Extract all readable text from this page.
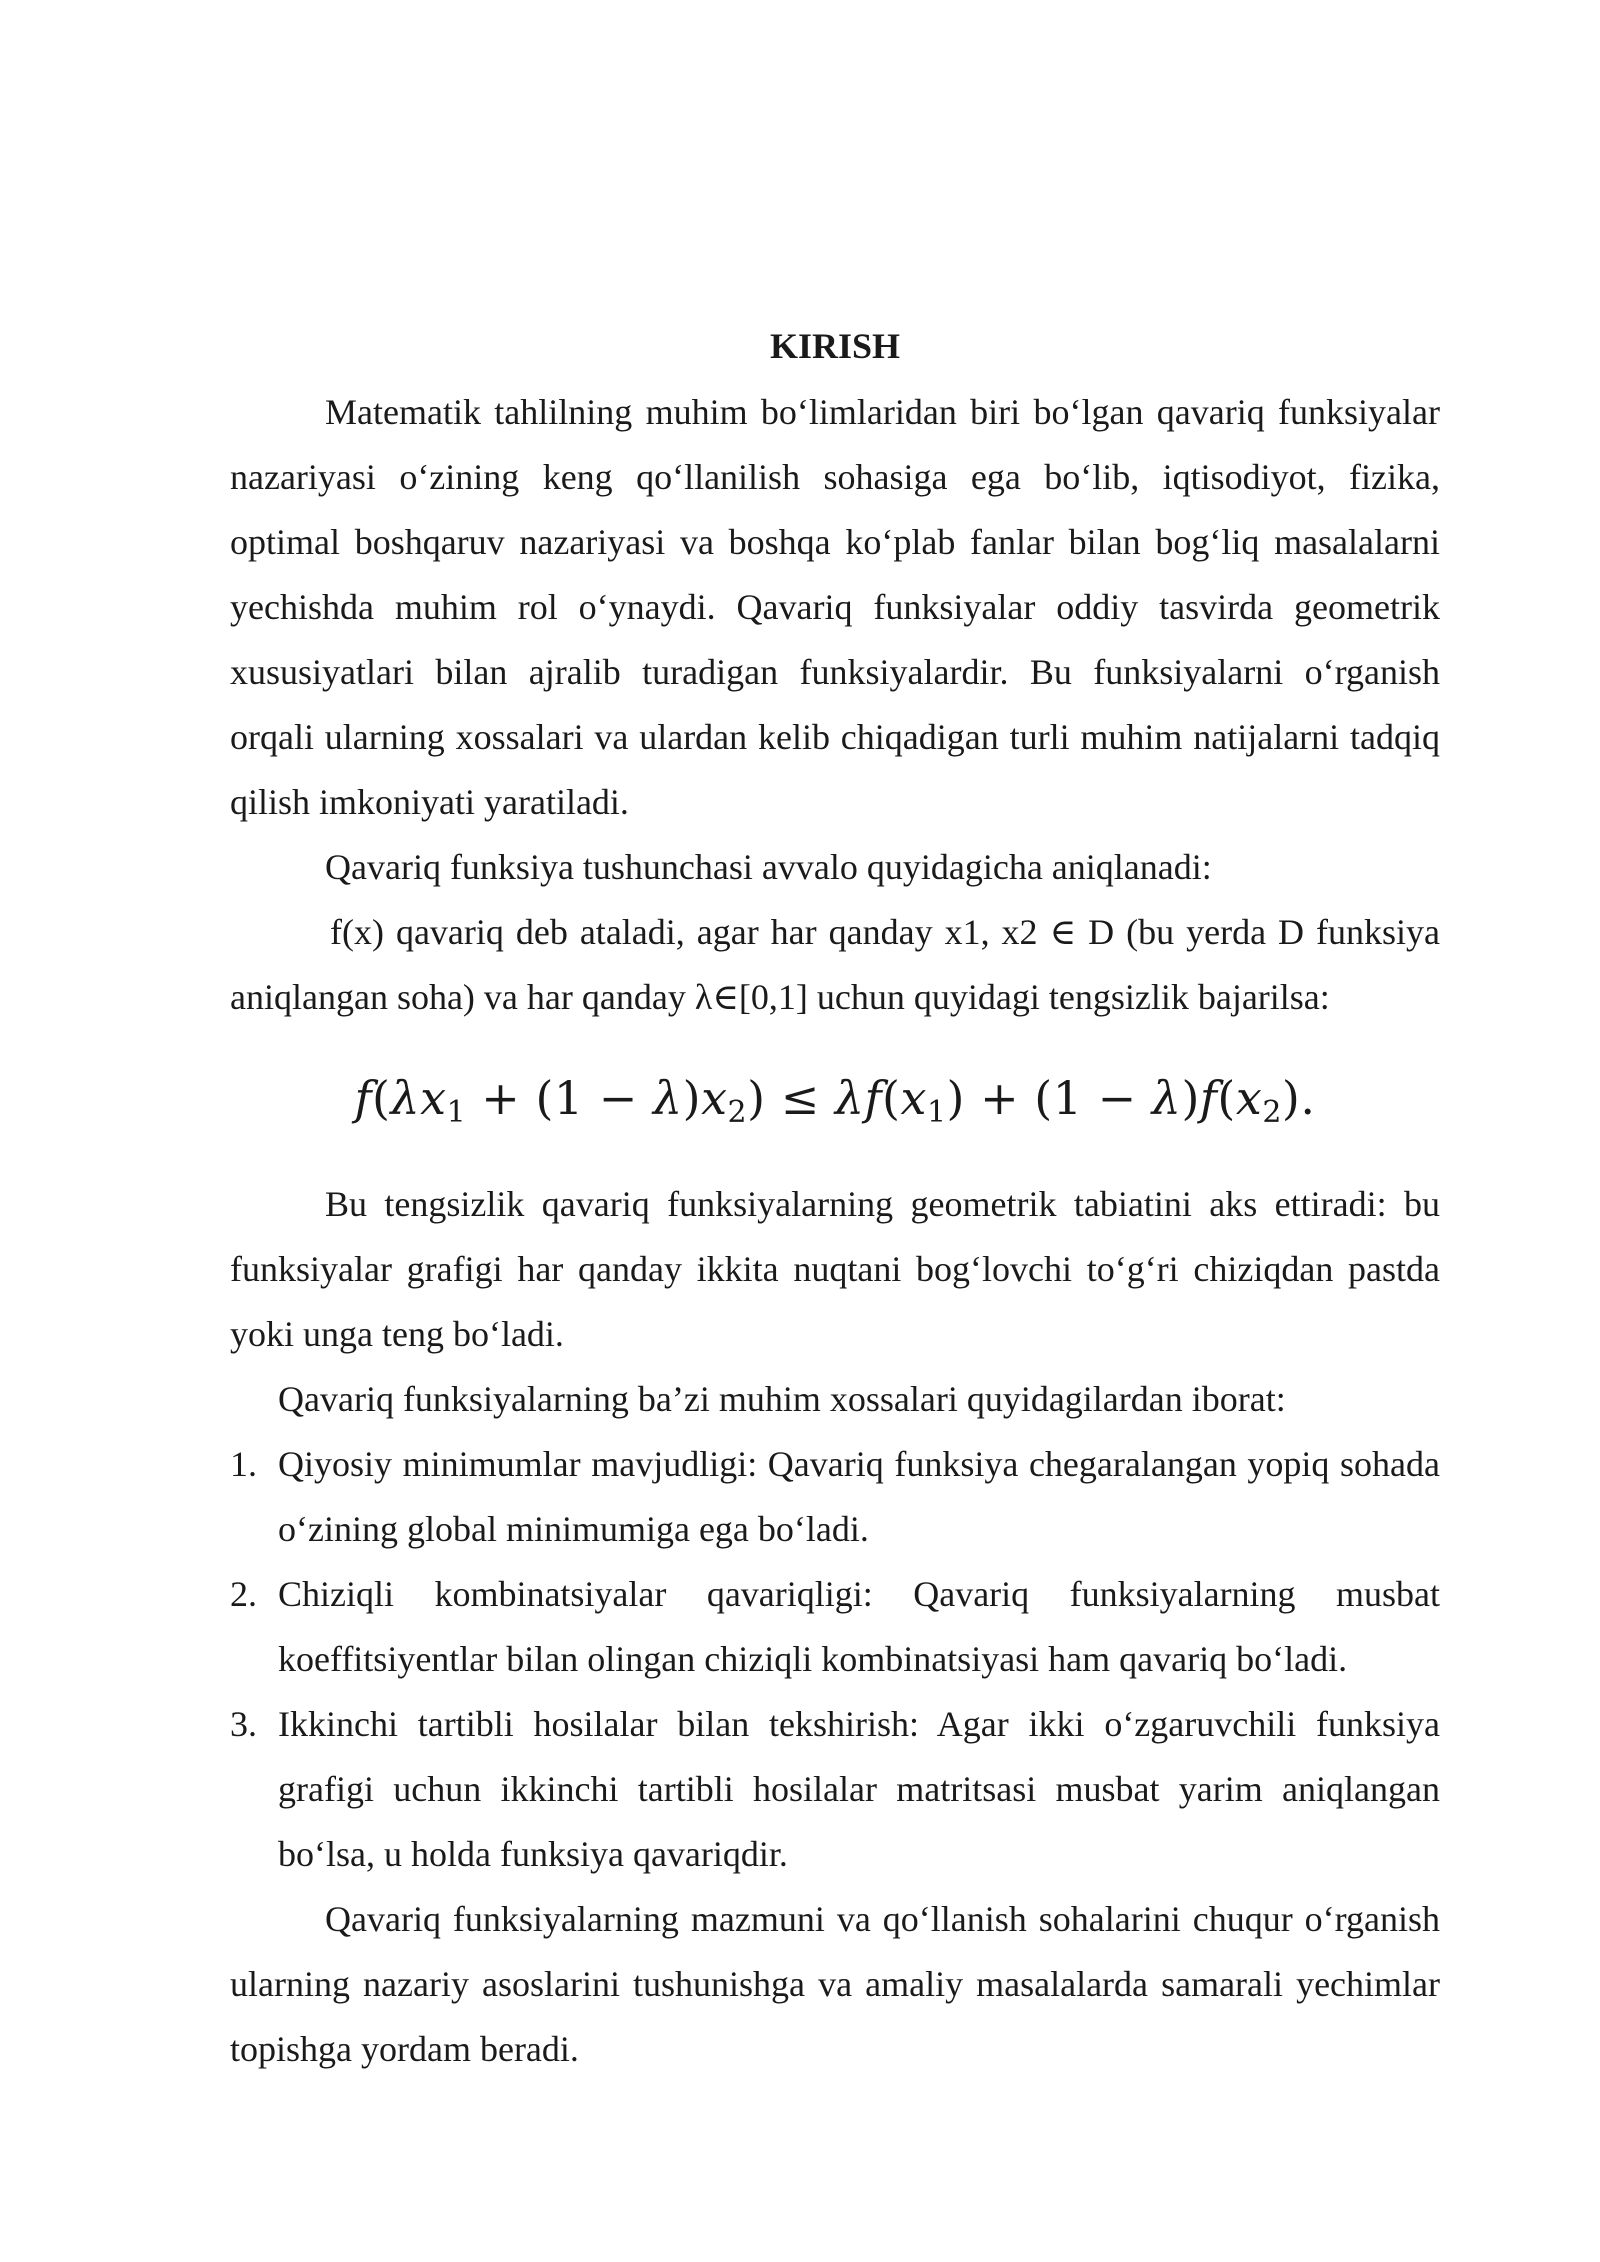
KIRISH

Matematik tahlilning muhim bo‘limlaridan biri bo‘lgan qavariq funksiyalar nazariyasi o‘zining keng qo‘llanilish sohasiga ega bo‘lib, iqtisodiyot, fizika, optimal boshqaruv nazariyasi va boshqa ko‘plab fanlar bilan bog‘liq masalalarni yechishda muhim rol o‘ynaydi. Qavariq funksiyalar oddiy tasvirda geometrik xususiyatlari bilan ajralib turadigan funksiyalardir. Bu funksiyalarni o‘rganish orqali ularning xossalari va ulardan kelib chiqadigan turli muhim natijalarni tadqiq qilish imkoniyati yaratiladi.

Qavariq funksiya tushunchasi avvalo quyidagicha aniqlanadi:

f(x) qavariq deb ataladi, agar har qanday x1, x2 ∈ D (bu yerda D funksiya aniqlangan soha) va har qanday λ∈[0,1] uchun quyidagi tengsizlik bajarilsa:

$f(\lambda x_1 + (1 - \lambda)x_2) \le \lambda f(x_1) + (1 - \lambda)f(x_2)$.

Bu tengsizlik qavariq funksiyalarning geometrik tabiatini aks ettiradi: bu funksiyalar grafigi har qanday ikkita nuqtani bog‘lovchi to‘g‘ri chiziqdan pastda yoki unga teng bo‘ladi.

Qavariq funksiyalarning ba’zi muhim xossalari quyidagilardan iborat:

1. Qiyosiy minimumlar mavjudligi: Qavariq funksiya chegaralangan yopiq sohada o‘zining global minimumiga ega bo‘ladi.
2. Chiziqli kombinatsiyalar qavariqligi: Qavariq funksiyalarning musbat koeffitsiyentlar bilan olingan chiziqli kombinatsiyasi ham qavariq bo‘ladi.
3. Ikkinchi tartibli hosilalar bilan tekshirish: Agar ikki o‘zgaruvchili funksiya grafigi uchun ikkinchi tartibli hosilalar matritsasi musbat yarim aniqlangan bo‘lsa, u holda funksiya qavariqdir.

Qavariq funksiyalarning mazmuni va qo‘llanish sohalarini chuqur o‘rganish ularning nazariy asoslarini tushunishga va amaliy masalalarda samarali yechimlar topishga yordam beradi.
